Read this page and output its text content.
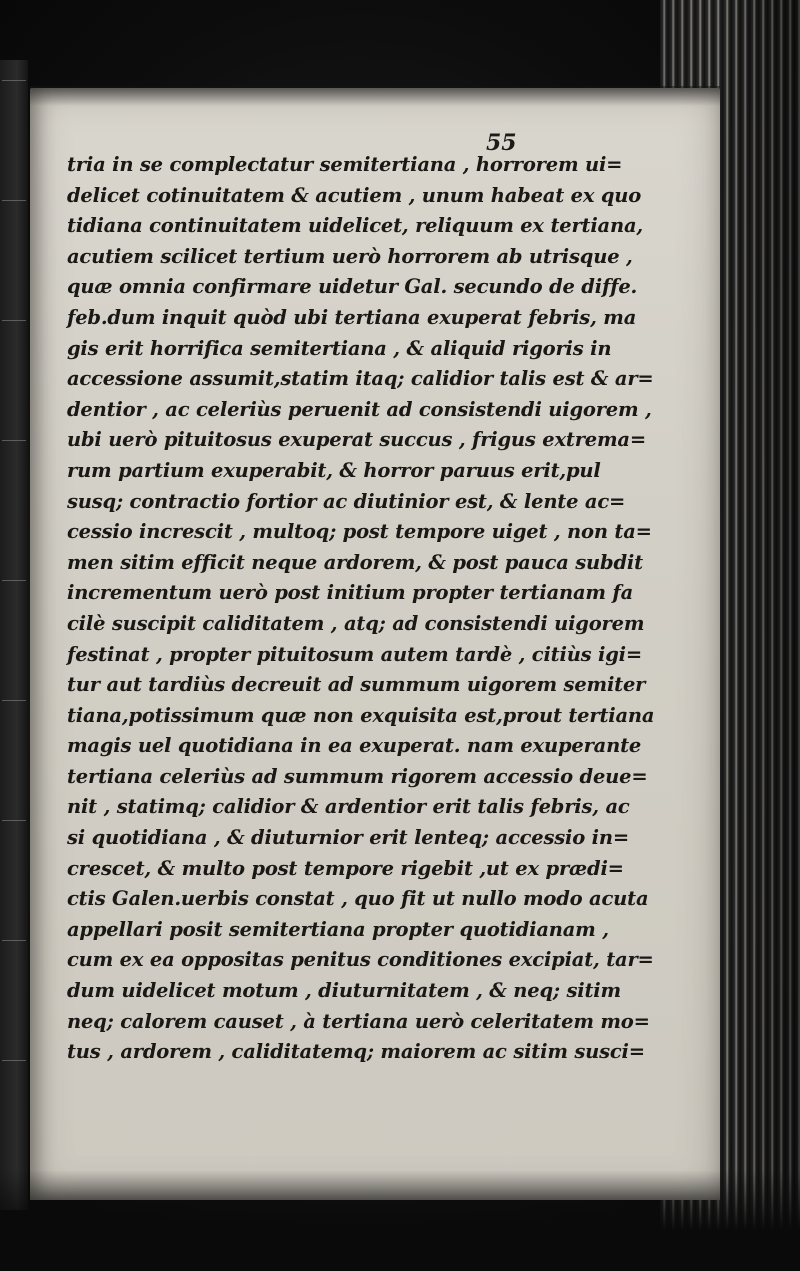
55
tria in se complectatur semitertiana , horrorem ui=
delicet cotinuitatem & acutiem , unum habeat ex quo
tidiana continuitatem uidelicet, reliquum ex tertiana,
acutiem scilicet tertium uerò horrorem ab utrisque ,
quæ omnia confirmare uidetur Gal. secundo de diffe.
feb.dum inquit quòd ubi tertiana exuperat febris, ma
gis erit horrifica semitertiana , & aliquid rigoris in
accessione assumit,statim itaq; calidior talis est & ar=
dentior , ac celeriùs peruenit ad consistendi uigorem ,
ubi uerò pituitosus exuperat succus , frigus extrema=
rum partium exuperabit, & horror paruus erit,pul
susq; contractio fortior ac diutinior est, & lente ac=
cessio increscit , multoq; post tempore uiget , non ta=
men sitim efficit neque ardorem, & post pauca subdit
incrementum uerò post initium propter tertianam fa
cilè suscipit caliditatem , atq; ad consistendi uigorem
festinat , propter pituitosum autem tardè , citiùs igi=
tur aut tardiùs decreuit ad summum uigorem semiter
tiana,potissimum quæ non exquisita est,prout tertiana
magis uel quotidiana in ea exuperat. nam exuperante
tertiana celeriùs ad summum rigorem accessio deue=
nit , statimq; calidior & ardentior erit talis febris, ac
si quotidiana , & diuturnior erit lenteq; accessio in=
crescet, & multo post tempore rigebit ,ut ex prædi=
ctis Galen.uerbis constat , quo fit ut nullo modo acuta
appellari posit semitertiana propter quotidianam ,
cum ex ea oppositas penitus conditiones excipiat, tar=
dum uidelicet motum , diuturnitatem , & neq; sitim
neq; calorem causet , à tertiana uerò celeritatem mo=
tus , ardorem , caliditatemq; maiorem ac sitim susci=
